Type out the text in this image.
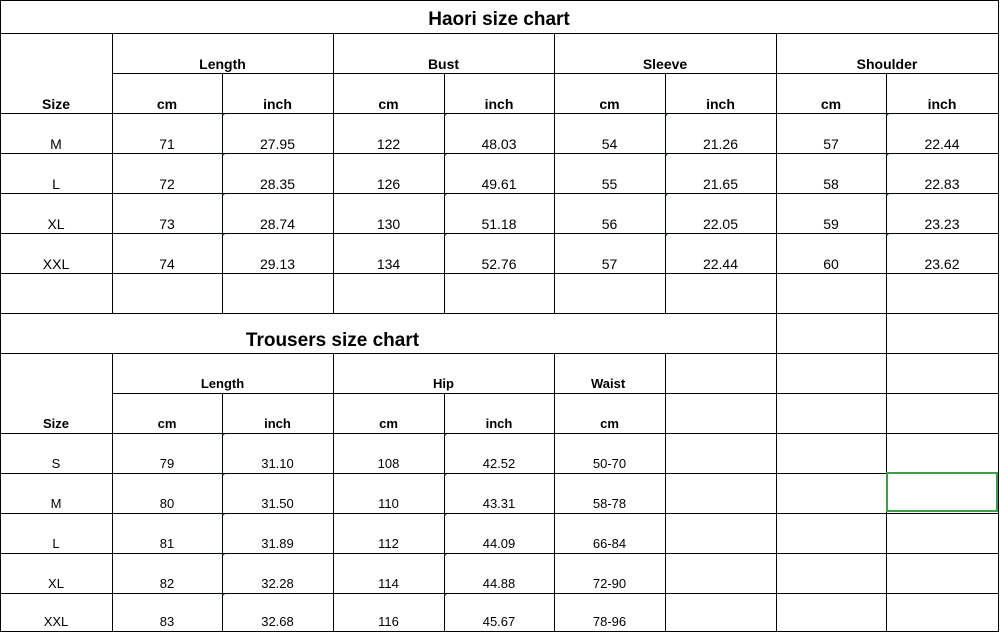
Haori size chart
Size
Length	Bust	Sleeve	Shoulder
cm	inch	cm	inch	cm	inch	cm	inch
M	71	27.95	122	48.03	54	21.26	57	22.44
L	72	28.35	126	49.61	55	21.65	58	22.83
XL	73	28.74	130	51.18	56	22.05	59	23.23
XXL	74	29.13	134	52.76	57	22.44	60	23.62
Trousers size chart
Size
Length	Hip	Waist
cm	inch	cm	inch	cm
S	79	31.10	108	42.52	50-70
M	80	31.50	110	43.31	58-78
L	81	31.89	112	44.09	66-84
XL	82	32.28	114	44.88	72-90
XXL	83	32.68	116	45.67	78-96
